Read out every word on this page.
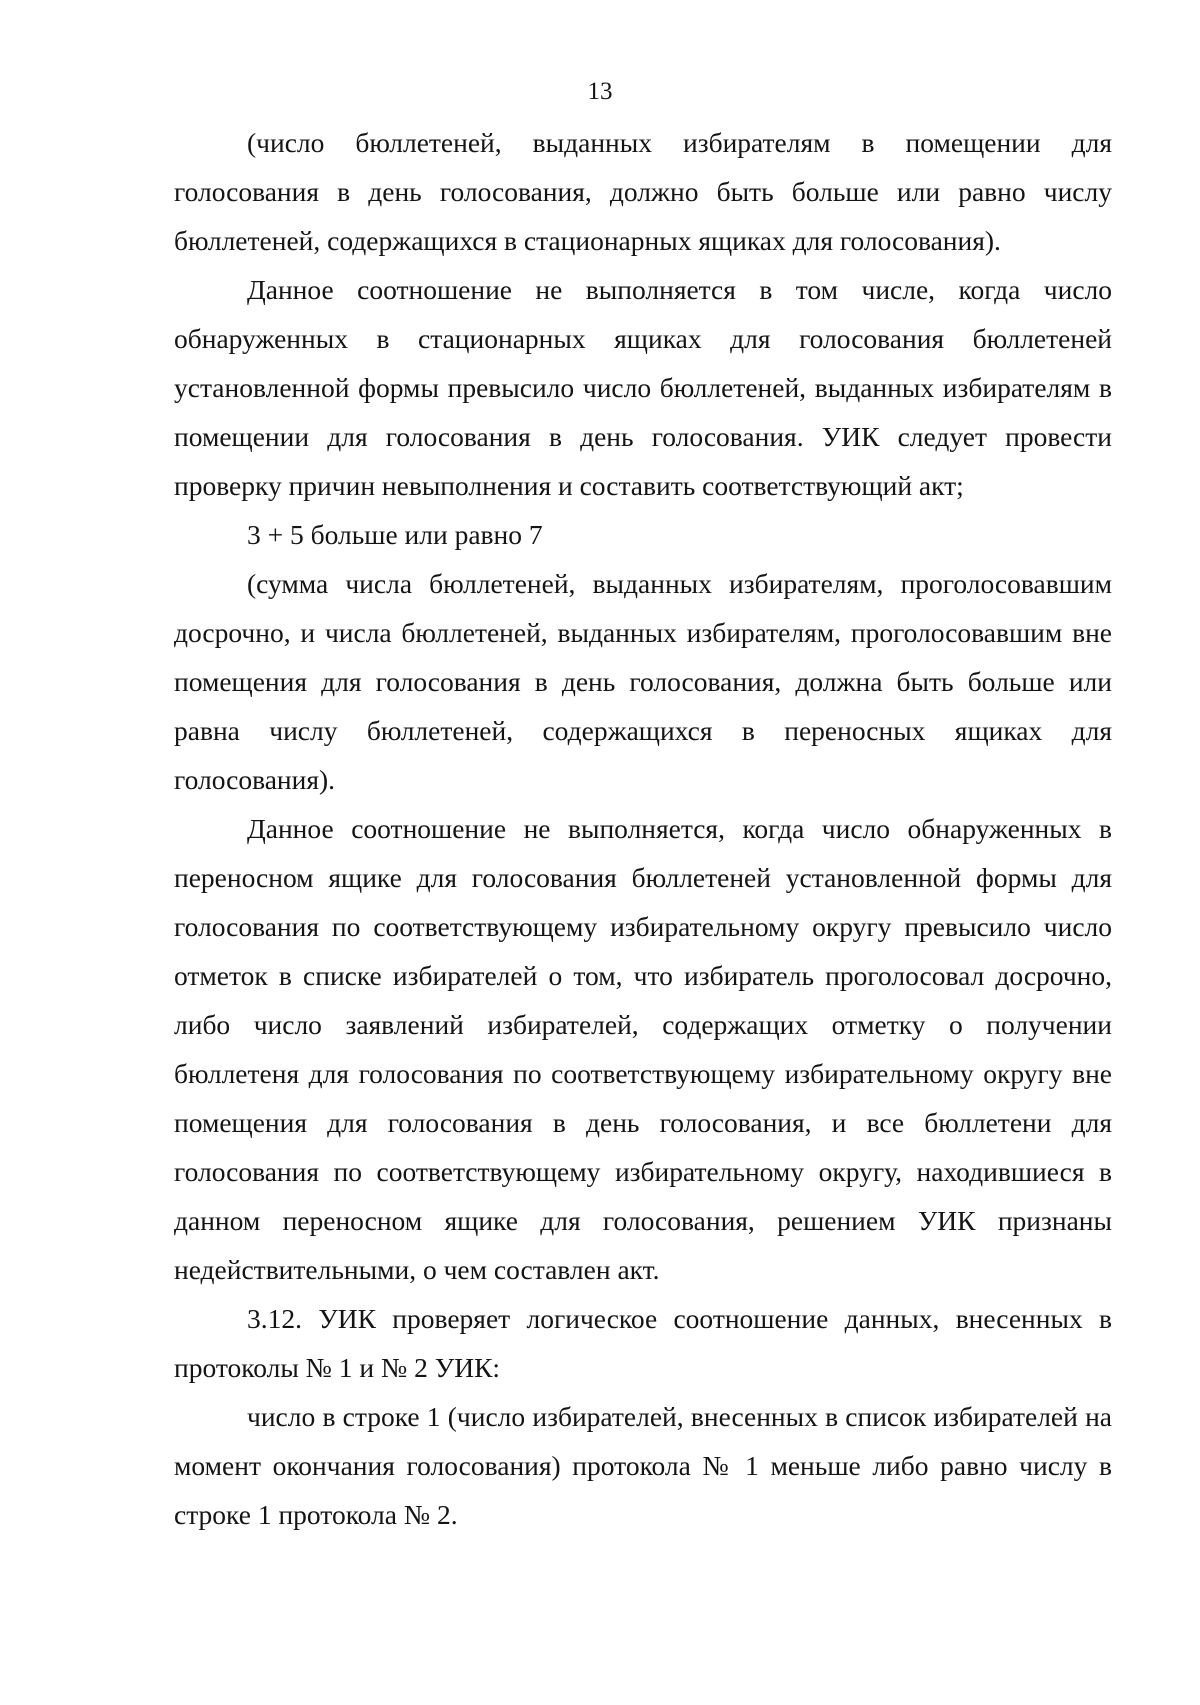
13

(число бюллетеней, выданных избирателям в помещении для голосования в день голосования, должно быть больше или равно числу бюллетеней, содержащихся в стационарных ящиках для голосования).

Данное соотношение не выполняется в том числе, когда число обнаруженных в стационарных ящиках для голосования бюллетеней установленной формы превысило число бюллетеней, выданных избирателям в помещении для голосования в день голосования. УИК следует провести проверку причин невыполнения и составить соответствующий акт;

3 + 5 больше или равно 7

(сумма числа бюллетеней, выданных избирателям, проголосовавшим досрочно, и числа бюллетеней, выданных избирателям, проголосовавшим вне помещения для голосования в день голосования, должна быть больше или равна числу бюллетеней, содержащихся в переносных ящиках для голосования).

Данное соотношение не выполняется, когда число обнаруженных в переносном ящике для голосования бюллетеней установленной формы для голосования по соответствующему избирательному округу превысило число отметок в списке избирателей о том, что избиратель проголосовал досрочно, либо число заявлений избирателей, содержащих отметку о получении бюллетеня для голосования по соответствующему избирательному округу вне помещения для голосования в день голосования, и все бюллетени для голосования по соответствующему избирательному округу, находившиеся в данном переносном ящике для голосования, решением УИК признаны недействительными, о чем составлен акт.

3.12. УИК проверяет логическое соотношение данных, внесенных в протоколы № 1 и № 2 УИК:

число в строке 1 (число избирателей, внесенных в список избирателей на момент окончания голосования) протокола № 1 меньше либо равно числу в строке 1 протокола № 2.
